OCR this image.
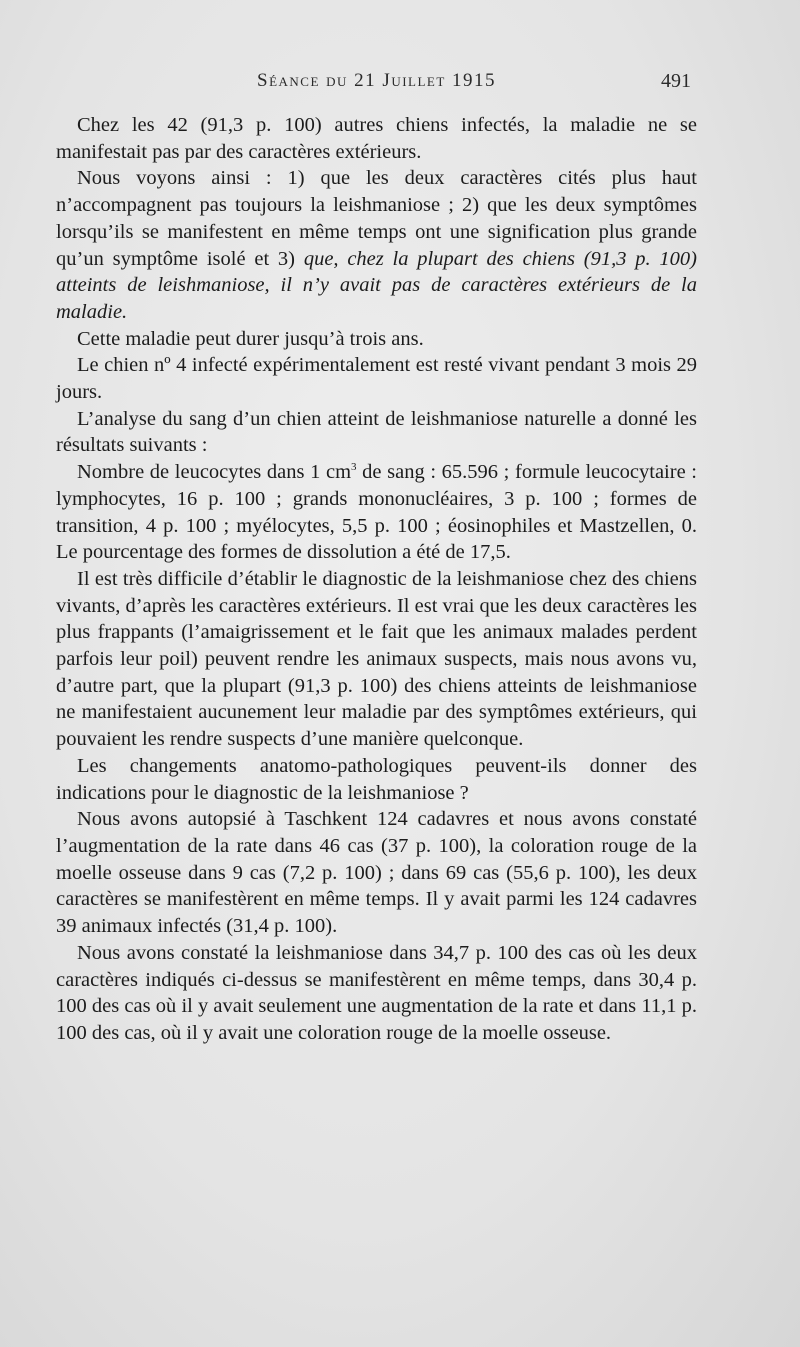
Séance du 21 Juillet 1915	491

Chez les 42 (91,3 p. 100) autres chiens infectés, la maladie ne se manifestait pas par des caractères extérieurs.

Nous voyons ainsi : 1) que les deux caractères cités plus haut n’accompagnent pas toujours la leishmaniose ; 2) que les deux symptômes lorsqu’ils se manifestent en même temps ont une signification plus grande qu’un symptôme isolé et 3) que, chez la plupart des chiens (91,3 p. 100) atteints de leishmaniose, il n’y avait pas de caractères extérieurs de la maladie.

Cette maladie peut durer jusqu’à trois ans.

Le chien nº 4 infecté expérimentalement est resté vivant pendant 3 mois 29 jours.

L’analyse du sang d’un chien atteint de leishmaniose naturelle a donné les résultats suivants :

Nombre de leucocytes dans 1 $cm^3$ de sang : 65.596 ; formule leucocytaire : lymphocytes, 16 p. 100 ; grands mononucléaires, 3 p. 100 ; formes de transition, 4 p. 100 ; myélocytes, 5,5 p. 100 ; éosinophiles et Mastzellen, 0. Le pourcentage des formes de dissolution a été de 17,5.

Il est très difficile d’établir le diagnostic de la leishmaniose chez des chiens vivants, d’après les caractères extérieurs. Il est vrai que les deux caractères les plus frappants (l’amaigrissement et le fait que les animaux malades perdent parfois leur poil) peuvent rendre les animaux suspects, mais nous avons vu, d’autre part, que la plupart (91,3 p. 100) des chiens atteints de leishmaniose ne manifestaient aucunement leur maladie par des symptômes extérieurs, qui pouvaient les rendre suspects d’une manière quelconque.

Les changements anatomo-pathologiques peuvent-ils donner des indications pour le diagnostic de la leishmaniose ?

Nous avons autopsié à Taschkent 124 cadavres et nous avons constaté l’augmentation de la rate dans 46 cas (37 p. 100), la coloration rouge de la moelle osseuse dans 9 cas (7,2 p. 100) ; dans 69 cas (55,6 p. 100), les deux caractères se manifestèrent en même temps. Il y avait parmi les 124 cadavres 39 animaux infectés (31,4 p. 100).

Nous avons constaté la leishmaniose dans 34,7 p. 100 des cas où les deux caractères indiqués ci-dessus se manifestèrent en même temps, dans 30,4 p. 100 des cas où il y avait seulement une augmentation de la rate et dans 11,1 p. 100 des cas, où il y avait une coloration rouge de la moelle osseuse.
